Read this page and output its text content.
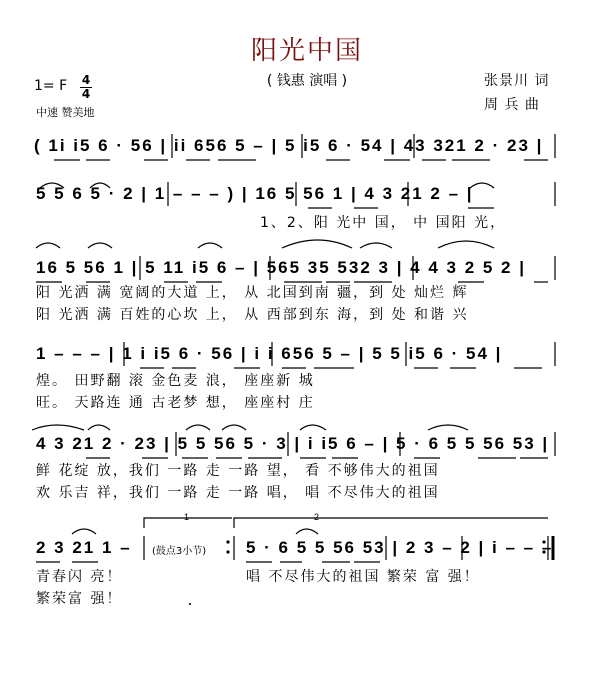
阳光中国
( 钱惠 演唱 )	张景川 词
周 兵 曲
1= F $\frac{4}{4}$
中速 赞美地
1	2
( 1i i5 6 · 56 | ii 656 5 – | 5 i5 6 · 54 | 43 321 2 · 23 |
5 5 6 5 · 2 | 1 – – – ) | 16 5 56 1 | 4 3 21 2 – |
1、2、阳 光中 国， 中 国阳 光，
16 5 56 1 | 5 11 i5 6 – | 565 35 532 3 | 4 4 3 2 5 2 |
阳 光洒 满 宽阔的大道 上， 从 北国到南 疆，到 处 灿烂 辉
阳 光洒 满 百姓的心坎 上， 从 西部到东 海，到 处 和谐 兴
1 – – – | 1 i i5 6 · 56 | i i 656 5 – | 5 5 i5 6 · 54 |
煌。 田野翻 滚 金色麦 浪， 座座新 城
旺。 天路连 通 古老梦 想， 座座村 庄
4 3 21 2 · 23 | 5 5 56 5 · 3 | i i5 6 – | 5 · 6 5 5 56 53 |
鲜 花绽 放，我们 一路 走 一路 望， 看 不够伟大的祖国
欢 乐吉 祥，我们 一路 走 一路 唱， 唱 不尽伟大的祖国
2 3 21 1 – (鼓点3小节) 5 · 6 5 5 56 53 | 2 3 – 2 | i – – –
青春闪 亮！	唱 不尽伟大的祖国 繁荣 富 强！
繁荣富 强！
